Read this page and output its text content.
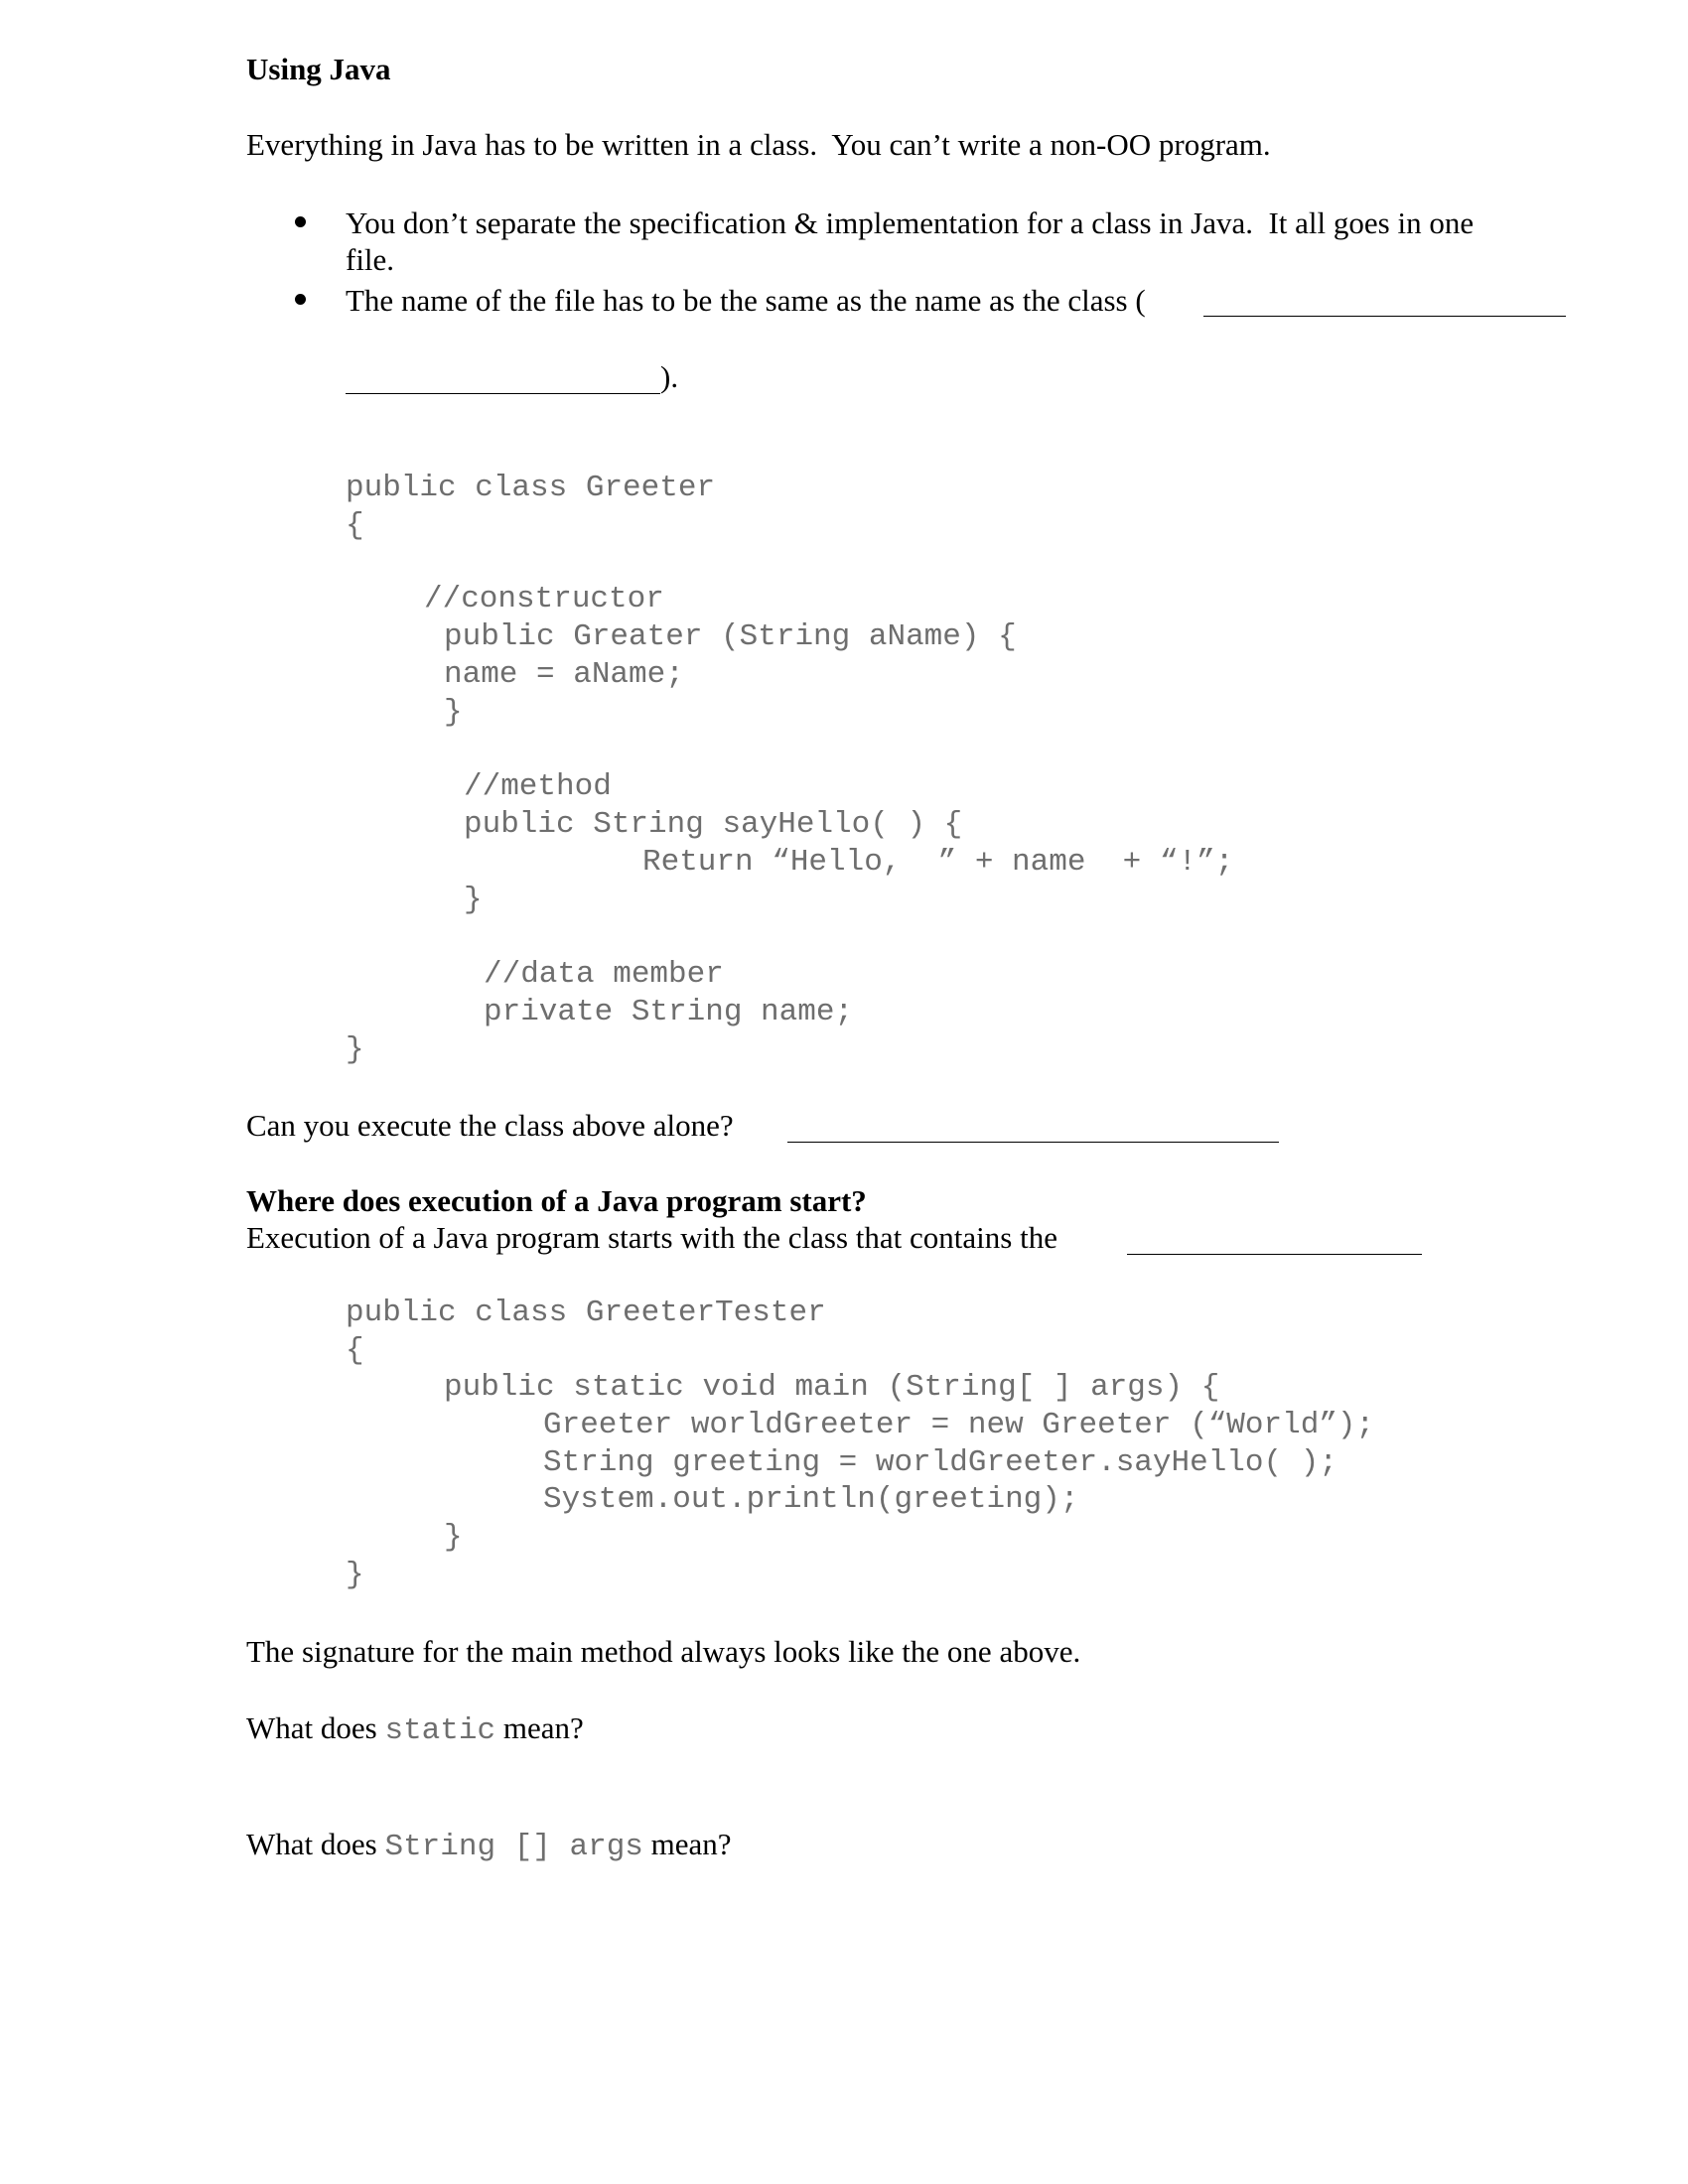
Using Java
Everything in Java has to be written in a class.  You can’t write a non-OO program.
You don’t separate the specification & implementation for a class in Java.  It all goes in one
file.
The name of the file has to be the same as the name as the class (
).
public class Greeter
{
//constructor
public Greater (String aName) {
name = aName;
}
//method
public String sayHello( ) {
Return “Hello,  ” + name  + “!”;
}
//data member
private String name;
}
Can you execute the class above alone?
Where does execution of a Java program start?
Execution of a Java program starts with the class that contains the
public class GreeterTester
{
public static void main (String[ ] args) {
Greeter worldGreeter = new Greeter (“World”);
String greeting = worldGreeter.sayHello( );
System.out.println(greeting);
}
}
The signature for the main method always looks like the one above.
What does static mean?
What does String [] args mean?
